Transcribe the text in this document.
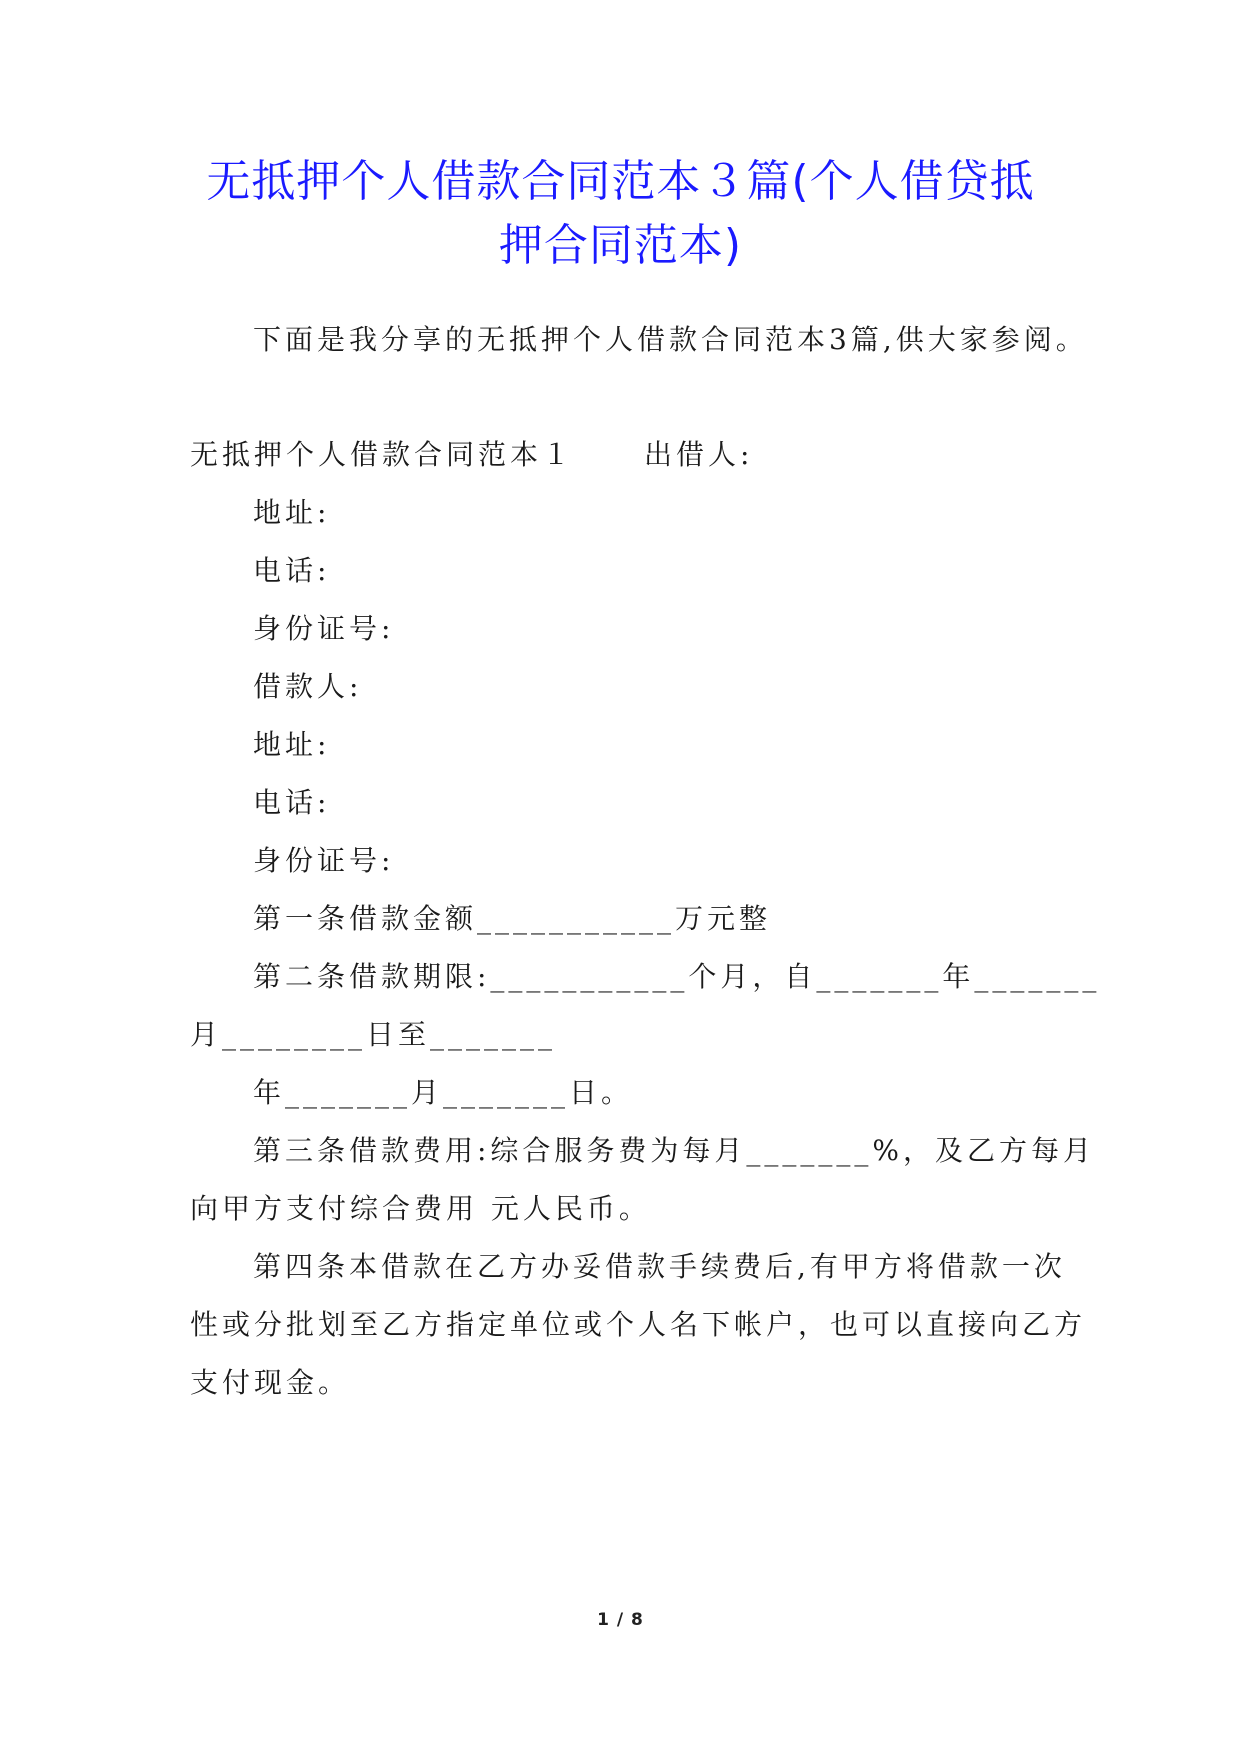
无抵押个人借款合同范本３篇(个人借贷抵
押合同范本)
下面是我分享的无抵押个人借款合同范本3篇,供大家参阅。
无抵押个人借款合同范本１	出借人:
地址:
电话:
身份证号:
借款人:
地址:
电话:
身份证号:
第一条借款金额___________万元整
第二条借款期限:___________个月，自_______年_______
月________日至_______
年_______月_______日。
第三条借款费用:综合服务费为每月_______%，及乙方每月
向甲方支付综合费用 元人民币。
第四条本借款在乙方办妥借款手续费后,有甲方将借款一次
性或分批划至乙方指定单位或个人名下帐户，也可以直接向乙方
支付现金。
1 / 8
